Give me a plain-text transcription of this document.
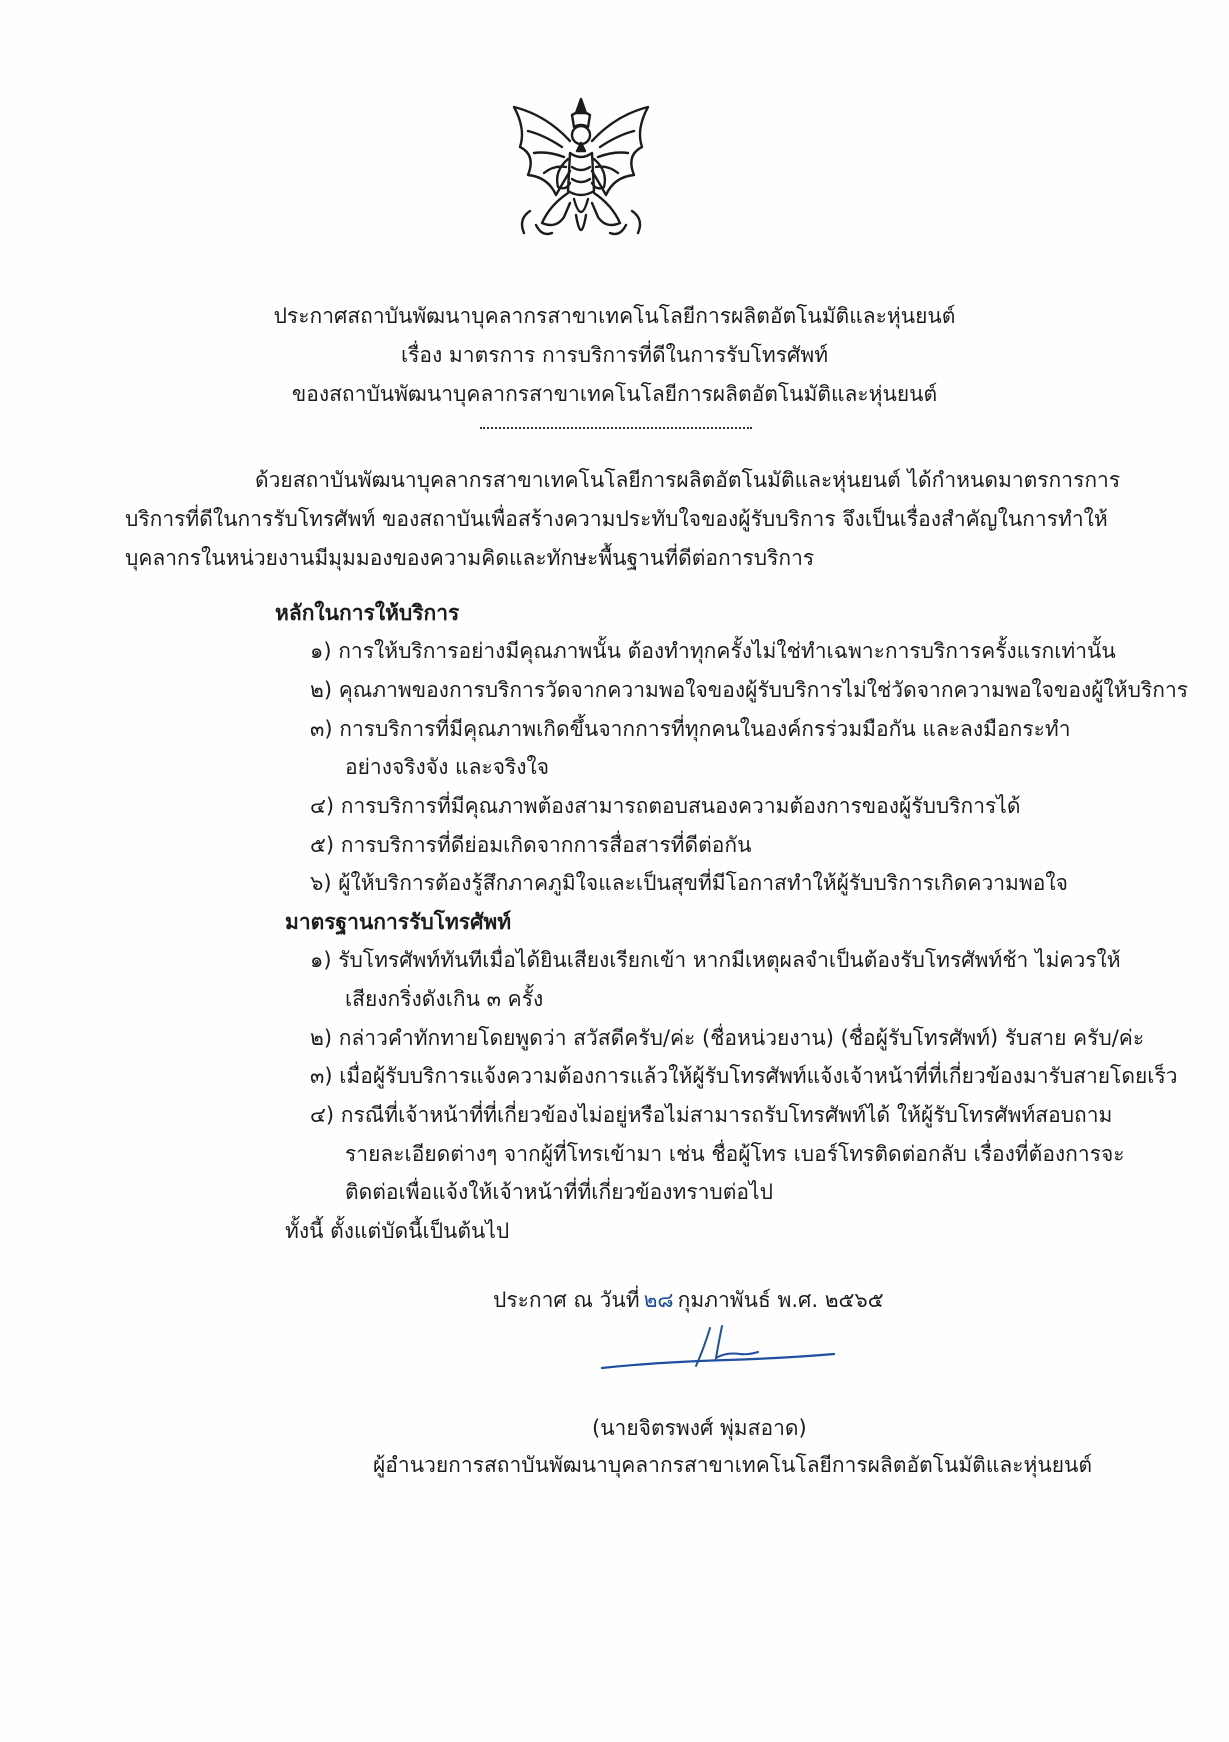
ประกาศสถาบันพัฒนาบุคลากรสาขาเทคโนโลยีการผลิตอัตโนมัติและหุ่นยนต์
เรื่อง มาตรการ การบริการที่ดีในการรับโทรศัพท์
ของสถาบันพัฒนาบุคลากรสาขาเทคโนโลยีการผลิตอัตโนมัติและหุ่นยนต์
ด้วยสถาบันพัฒนาบุคลากรสาขาเทคโนโลยีการผลิตอัตโนมัติและหุ่นยนต์ ได้กำหนดมาตรการการ
บริการที่ดีในการรับโทรศัพท์ ของสถาบันเพื่อสร้างความประทับใจของผู้รับบริการ จึงเป็นเรื่องสำคัญในการทำให้
บุคลากรในหน่วยงานมีมุมมองของความคิดและทักษะพื้นฐานที่ดีต่อการบริการ
หลักในการให้บริการ
๑) การให้บริการอย่างมีคุณภาพนั้น ต้องทำทุกครั้งไม่ใช่ทำเฉพาะการบริการครั้งแรกเท่านั้น
๒) คุณภาพของการบริการวัดจากความพอใจของผู้รับบริการไม่ใช่วัดจากความพอใจของผู้ให้บริการ
๓) การบริการที่มีคุณภาพเกิดขึ้นจากการที่ทุกคนในองค์กรร่วมมือกัน และลงมือกระทำ
อย่างจริงจัง และจริงใจ
๔) การบริการที่มีคุณภาพต้องสามารถตอบสนองความต้องการของผู้รับบริการได้
๕) การบริการที่ดีย่อมเกิดจากการสื่อสารที่ดีต่อกัน
๖) ผู้ให้บริการต้องรู้สึกภาคภูมิใจและเป็นสุขที่มีโอกาสทำให้ผู้รับบริการเกิดความพอใจ
มาตรฐานการรับโทรศัพท์
๑) รับโทรศัพท์ทันทีเมื่อได้ยินเสียงเรียกเข้า หากมีเหตุผลจำเป็นต้องรับโทรศัพท์ช้า ไม่ควรให้
เสียงกริ่งดังเกิน ๓ ครั้ง
๒) กล่าวคำทักทายโดยพูดว่า สวัสดีครับ/ค่ะ (ชื่อหน่วยงาน) (ชื่อผู้รับโทรศัพท์) รับสาย ครับ/ค่ะ
๓) เมื่อผู้รับบริการแจ้งความต้องการแล้วให้ผู้รับโทรศัพท์แจ้งเจ้าหน้าที่ที่เกี่ยวข้องมารับสายโดยเร็ว
๔) กรณีที่เจ้าหน้าที่ที่เกี่ยวข้องไม่อยู่หรือไม่สามารถรับโทรศัพท์ได้ ให้ผู้รับโทรศัพท์สอบถาม
รายละเอียดต่างๆ จากผู้ที่โทรเข้ามา เช่น ชื่อผู้โทร เบอร์โทรติดต่อกลับ เรื่องที่ต้องการจะ
ติดต่อเพื่อแจ้งให้เจ้าหน้าที่ที่เกี่ยวข้องทราบต่อไป
ทั้งนี้ ตั้งแต่บัดนี้เป็นต้นไป
ประกาศ ณ วันที่ ๒๘ กุมภาพันธ์ พ.ศ. ๒๕๖๕
(นายจิตรพงศ์ พุ่มสอาด)
ผู้อำนวยการสถาบันพัฒนาบุคลากรสาขาเทคโนโลยีการผลิตอัตโนมัติและหุ่นยนต์
